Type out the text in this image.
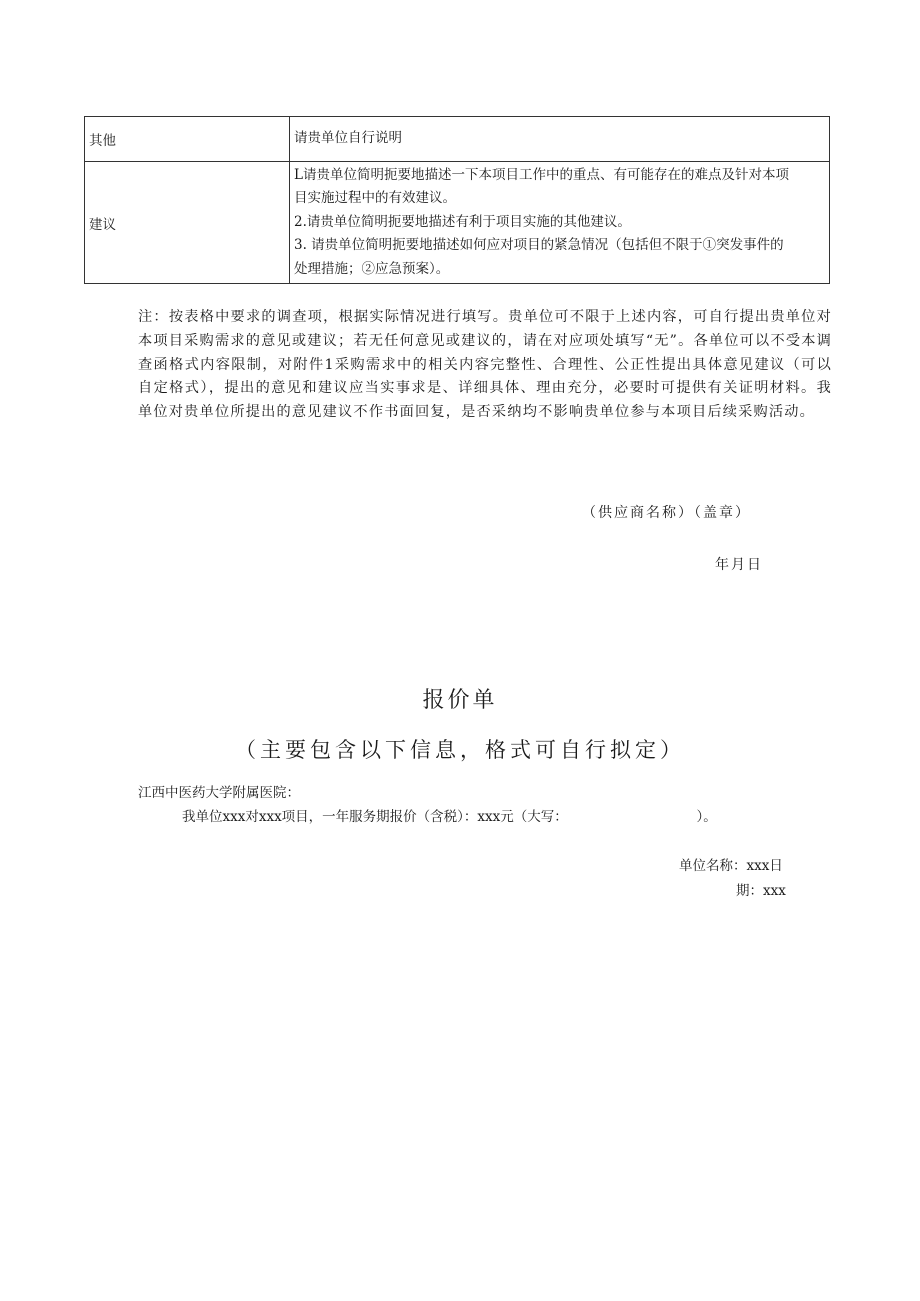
其他	请贵单位自行说明

建议	L请贵单位简明扼要地描述一下本项目工作中的重点、有可能存在的难点及针对本项
目实施过程中的有效建议。
2.请贵单位简明扼要地描述有利于项目实施的其他建议。
3. 请贵单位简明扼要地描述如何应对项目的紧急情况（包括但不限于①突发事件的
处理措施；②应急预案）。
注：按表格中要求的调查项，根据实际情况进行填写。贵单位可不限于上述内容，可自行提出贵单位对本项目采购需求的意见或建议；若无任何意见或建议的，请在对应项处填写“无”。各单位可以不受本调查函格式内容限制，对附件1采购需求中的相关内容完整性、合理性、公正性提出具体意见建议（可以自定格式），提出的意见和建议应当实事求是、详细具体、理由充分，必要时可提供有关证明材料。我单位对贵单位所提出的意见建议不作书面回复，是否采纳均不影响贵单位参与本项目后续采购活动。
（供应商名称）（盖章）
年月日
报价单
（主要包含以下信息，格式可自行拟定）
江西中医药大学附属医院：
我单位xxx对xxx项目，一年服务期报价（含税）：xxx元（大写：                              ）。
单位名称：xxx日
期：xxx
